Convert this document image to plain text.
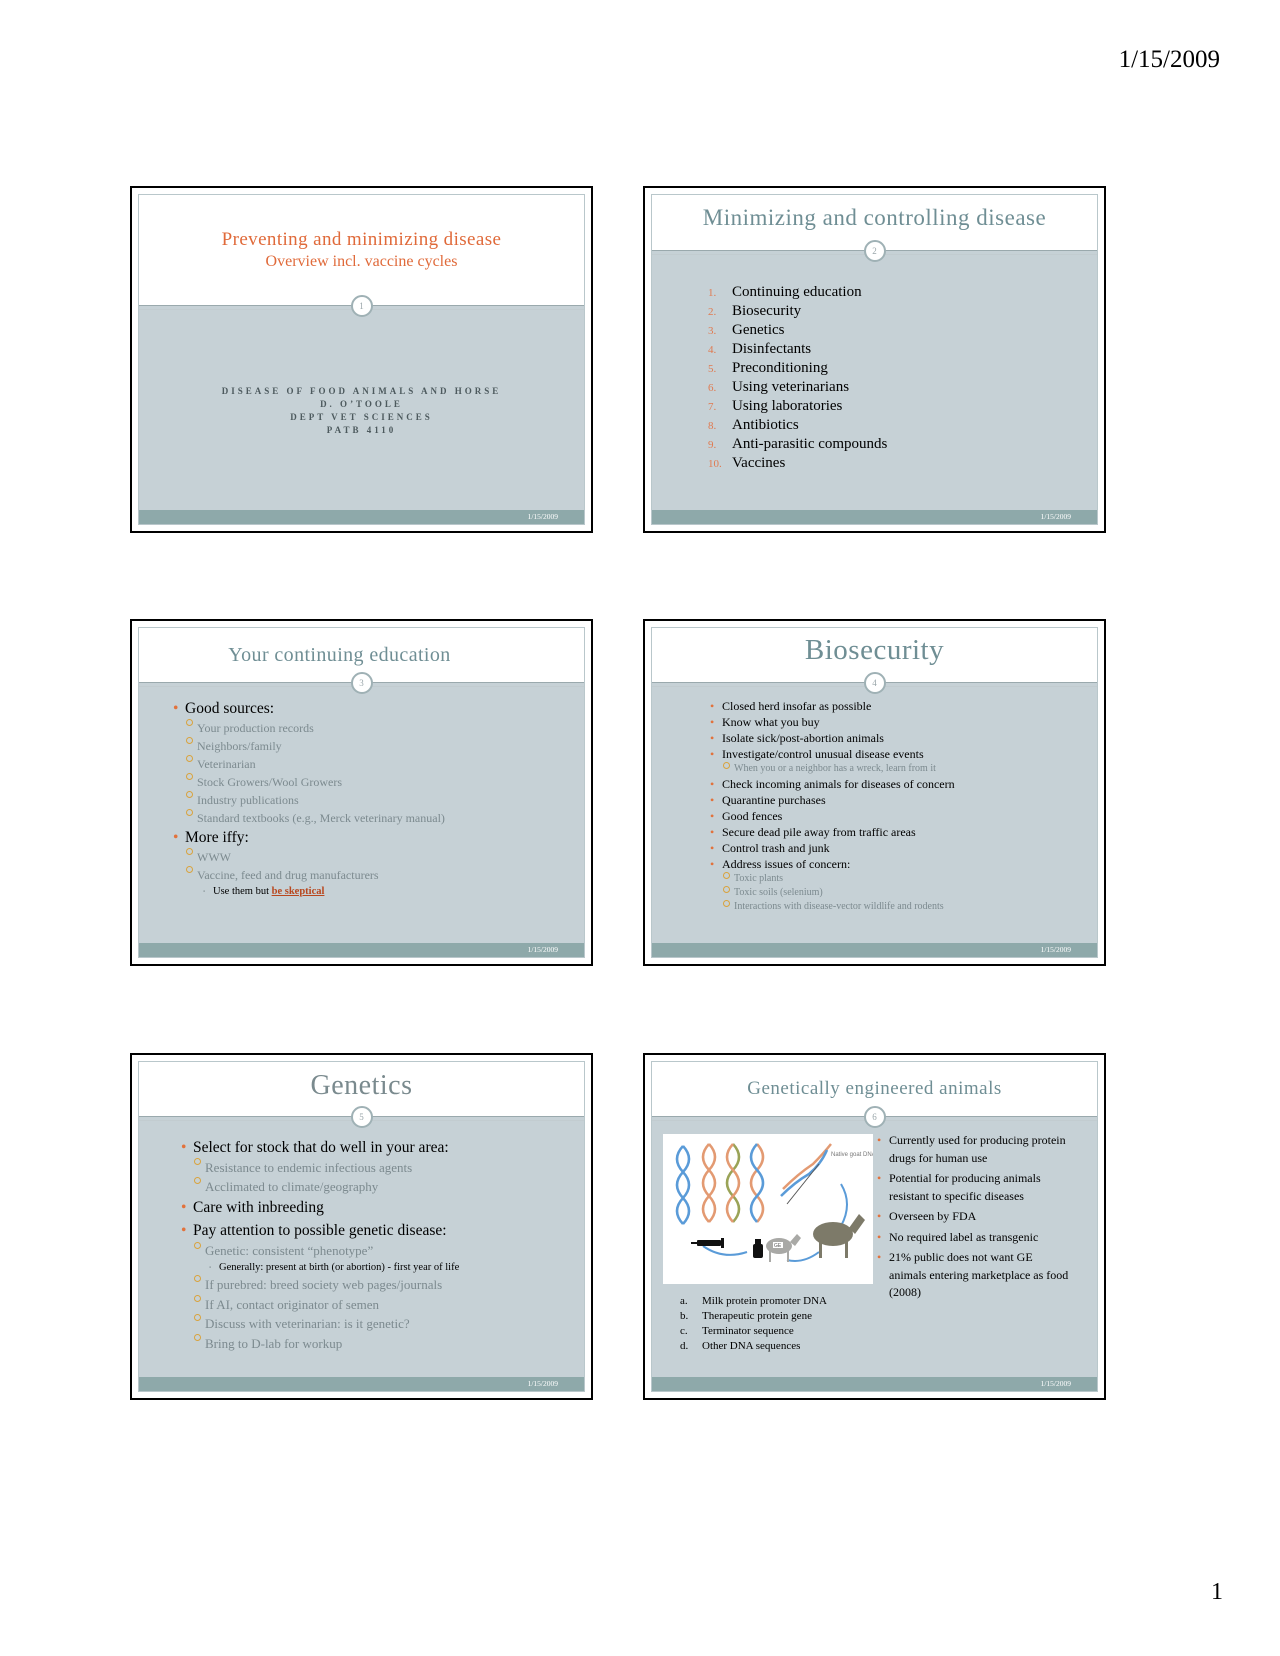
1/15/2009
Preventing and minimizing disease
Overview incl. vaccine cycles
1
DISEASE OF FOOD ANIMALS AND HORSE
D. O’TOOLE
DEPT VET SCIENCES
PATB 4110
1/15/2009
Minimizing and controlling disease
2
1. Continuing education
2. Biosecurity
3. Genetics
4. Disinfectants
5. Preconditioning
6. Using veterinarians
7. Using laboratories
8. Antibiotics
9. Anti-parasitic compounds
10. Vaccines
1/15/2009
Your continuing education
3
• Good sources:
Your production records
Neighbors/family
Veterinarian
Stock Growers/Wool Growers
Industry publications
Standard textbooks (e.g., Merck veterinary manual)
• More iffy:
WWW
Vaccine, feed and drug manufacturers
▪ Use them but be skeptical
1/15/2009
Biosecurity
4
• Closed herd insofar as possible
• Know what you buy
• Isolate sick/post-abortion animals
• Investigate/control unusual disease events
When you or a neighbor has a wreck, learn from it
• Check incoming animals for diseases of concern
• Quarantine purchases
• Good fences
• Secure dead pile away from traffic areas
• Control trash and junk
• Address issues of concern:
Toxic plants
Toxic soils (selenium)
Interactions with disease-vector wildlife and rodents
1/15/2009
Genetics
5
• Select for stock that do well in your area:
Resistance to endemic infectious agents
Acclimated to climate/geography
• Care with inbreeding
• Pay attention to possible genetic disease:
Genetic: consistent “phenotype”
▪ Generally: present at birth (or abortion) - first year of life
If purebred: breed society web pages/journals
If AI, contact originator of semen
Discuss with veterinarian: is it genetic?
Bring to D-lab for workup
1/15/2009
Genetically engineered animals
6
Native goat DNA
GE
a. Milk protein promoter DNA
b. Therapeutic protein gene
c. Terminator sequence
d. Other DNA sequences
• Currently used for producing protein drugs for human use
• Potential for producing animals resistant to specific diseases
• Overseen by FDA
• No required label as transgenic
• 21% public does not want GE animals entering marketplace as food (2008)
1/15/2009
1
